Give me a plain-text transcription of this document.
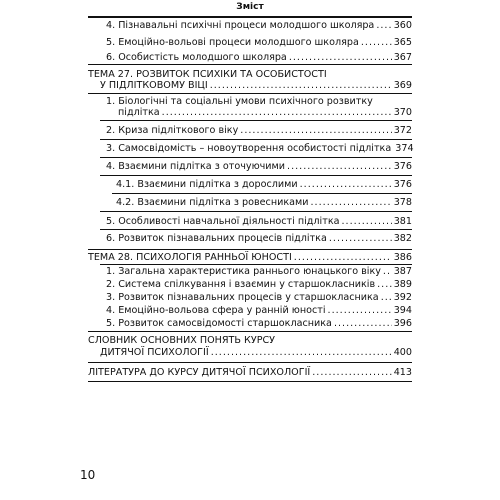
Зміст
4. Пізнавальні психічні процеси молодшого школяра ..... 360
5. Емоційно-вольові процеси молодшого школяра .....	365
6. Особистість молодшого школяра .....	367
ТЕМА 27. РОЗВИТОК ПСИХІКИ ТА ОСОБИСТОСТІ
У ПІДЛІТКОВОМУ ВІЦІ .....	369
1. Біологічні та соціальні умови психічного розвитку
підлітка .....	370
2. Криза підліткового віку .....	372
3. Самосвідомість – новоутворення особистості підлітка 374
4. Взаємини підлітка з оточуючими .....	376
4.1. Взаємини підлітка з дорослими .....	376
4.2. Взаємини підлітка з ровесниками .....	378
5. Особливості навчальної діяльності підлітка .....	381
6. Розвиток пізнавальних процесів підлітка .....	382
ТЕМА 28. ПСИХОЛОГІЯ РАННЬОЇ ЮНОСТІ .....	386
1. Загальна характеристика раннього юнацького віку ..... 387
2. Система спілкування і взаємин у старшокласників ..... 389
3. Розвиток пізнавальних процесів у старшокласника ..... 392
4. Емоційно-вольова сфера у ранній юності .....	394
5. Розвиток самосвідомості старшокласника .....	396
СЛОВНИК ОСНОВНИХ ПОНЯТЬ КУРСУ
ДИТЯЧОЇ ПСИХОЛОГІЇ .....	400
ЛІТЕРАТУРА ДО КУРСУ ДИТЯЧОЇ ПСИХОЛОГІЇ .....	413
10
